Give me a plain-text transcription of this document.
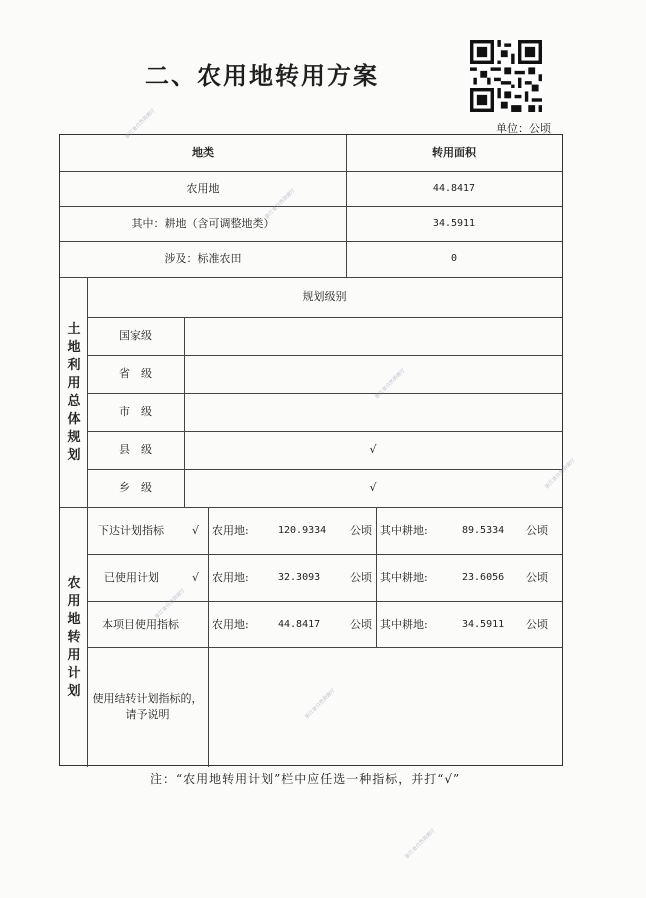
二、农用地转用方案
单位：公顷
地类	转用面积
农用地	44.8417
其中：耕地（含可调整地类）	34.5911
涉及：标准农田	0
土地利用总体规划
规划级别
国家级
省　级
市　级
县　级	√
乡　级	√
农用地转用计划
下达计划指标	√ 农用地:	120.9334 公顷 其中耕地:	89.5334 公顷
已使用计划	√ 农用地:	32.3093	公顷 其中耕地:	23.6056 公顷
本项目使用指标	农用地:	44.8417	公顷 其中耕地:	34.5911 公顷
使用结转计划指标的，请予说明
注：“农用地转用计划”栏中应任选一种指标，并打“√”
浙江省自然资源厅
浙江省自然资源厅
浙江省自然资源厅
浙江省自然资源厅
浙江省自然资源厅
浙江省自然资源厅
浙江省自然资源厅
